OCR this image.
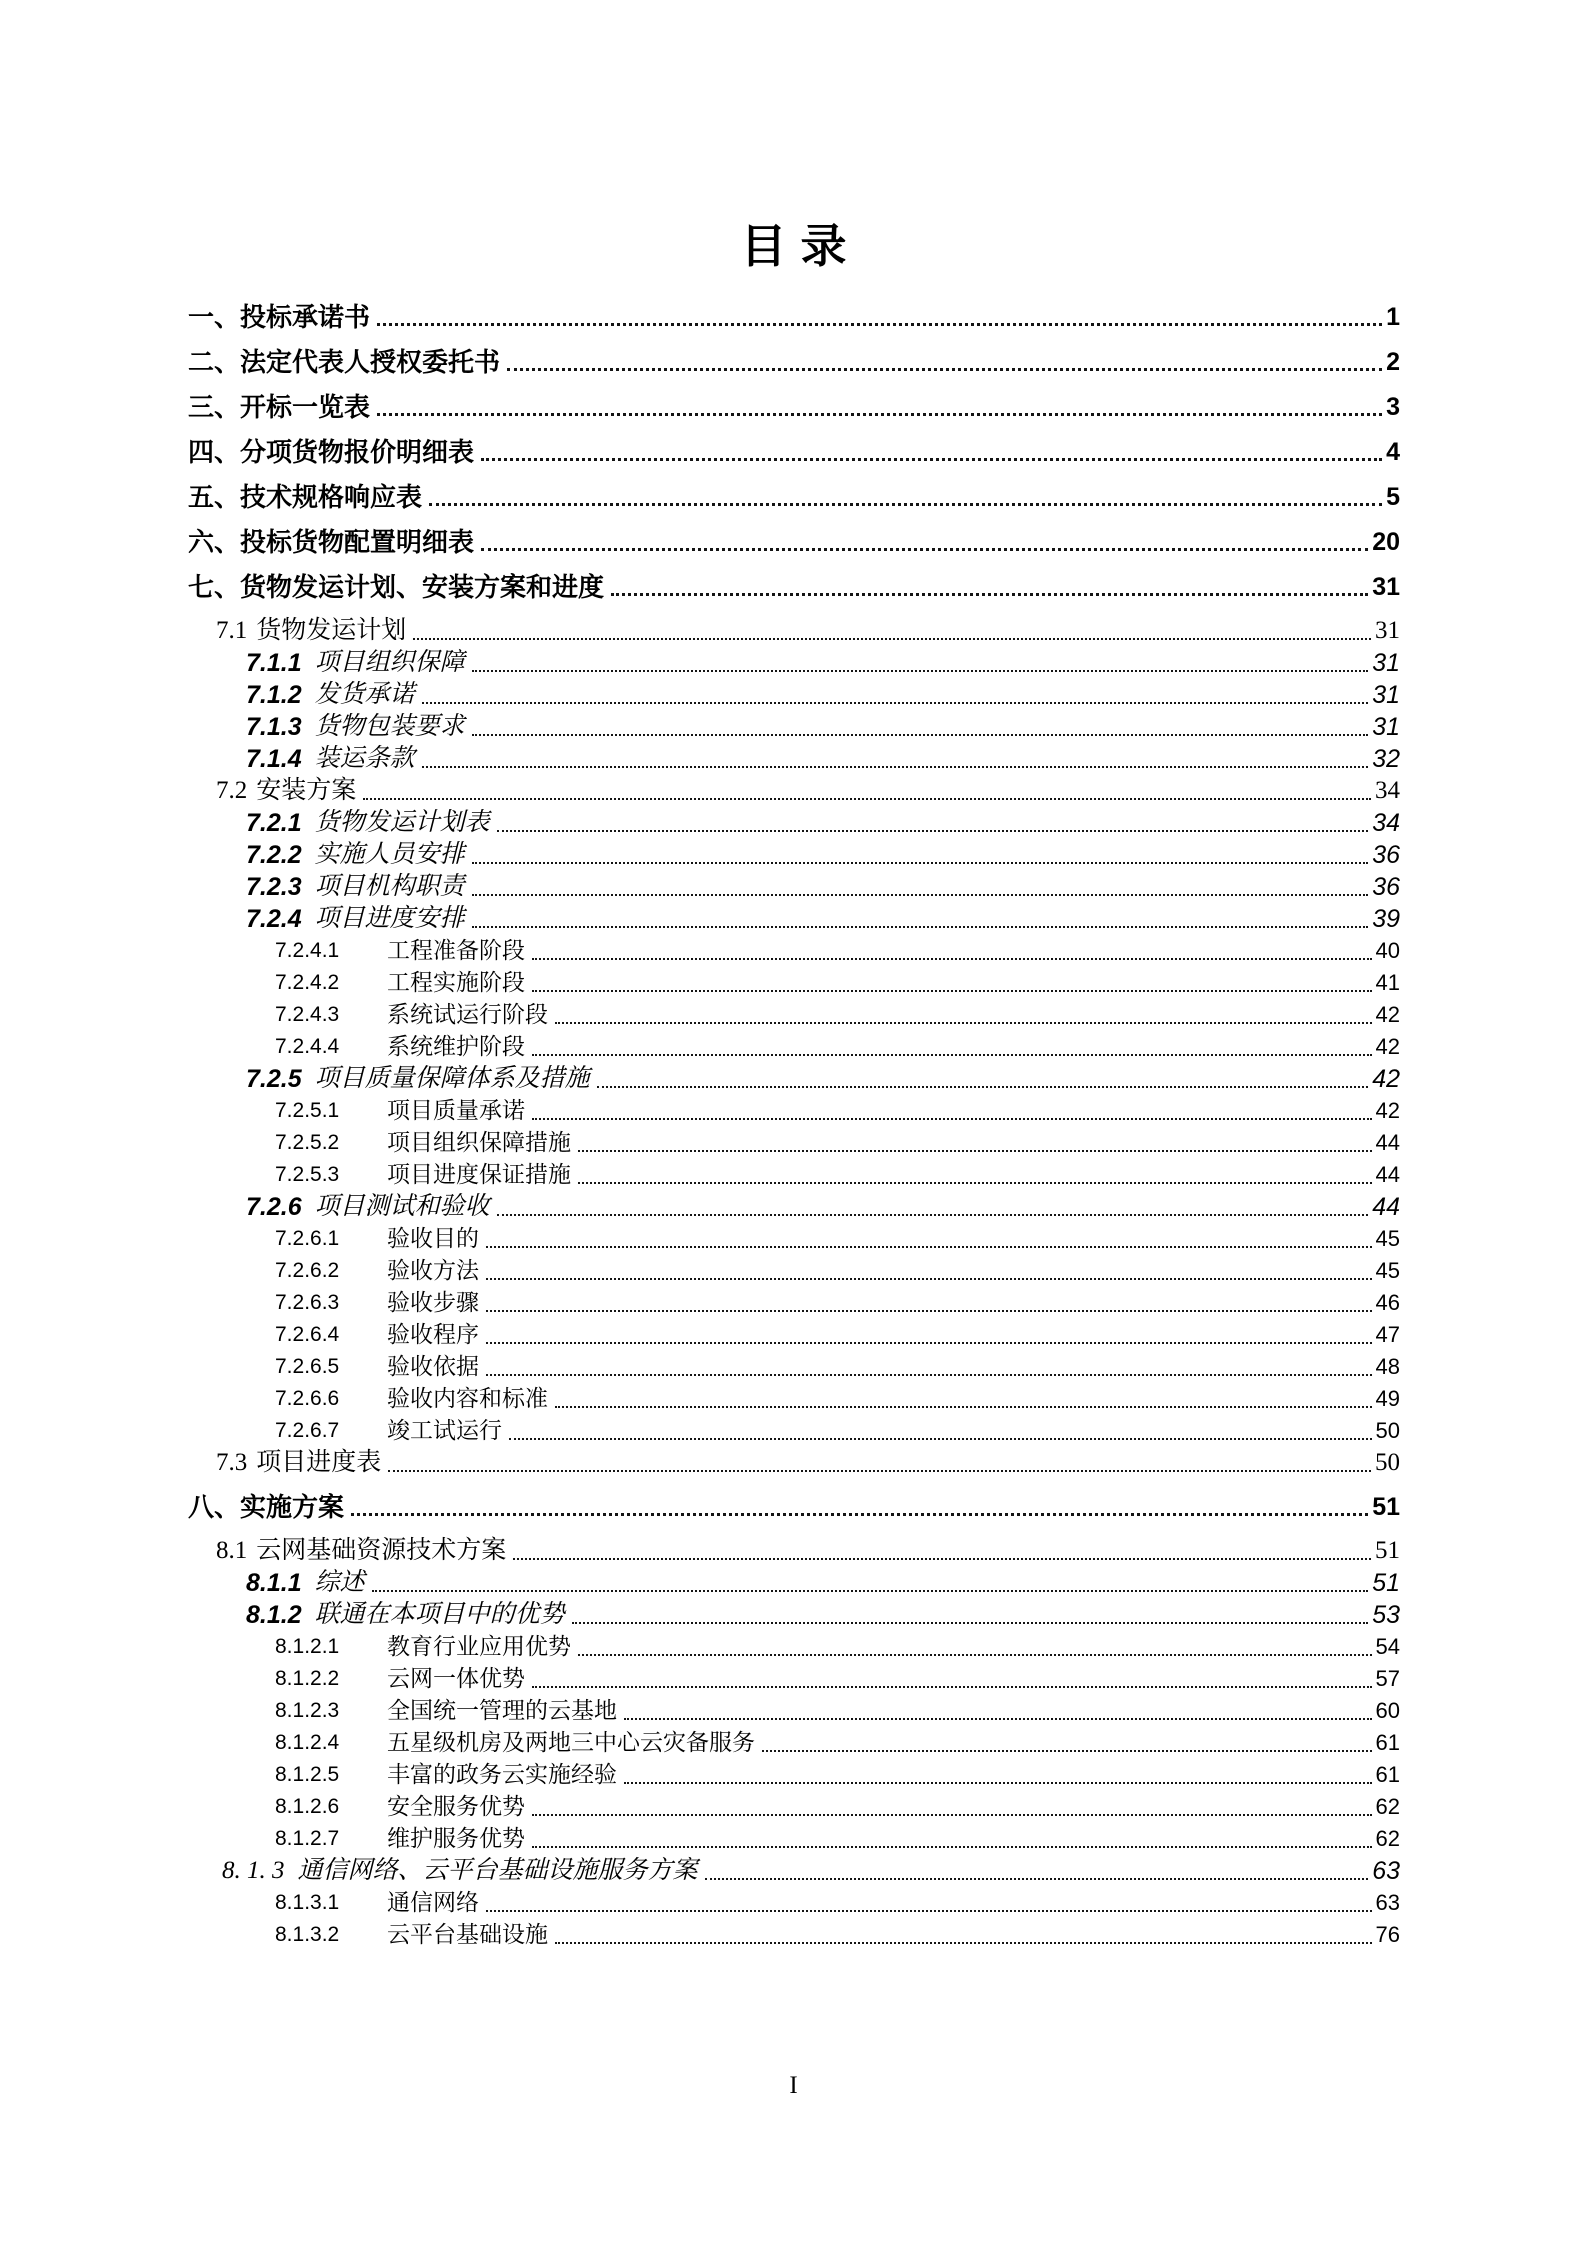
目录
一、 投标承诺书	1
二、 法定代表人授权委托书	2
三、 开标一览表	3
四、 分项货物报价明细表	4
五、 技术规格响应表	5
六、 投标货物配置明细表	20
七、 货物发运计划、安装方案和进度	31
7.1 货物发运计划	31
7.1.1 项目组织保障	31
7.1.2 发货承诺	31
7.1.3 货物包装要求	31
7.1.4 装运条款	32
7.2 安装方案	34
7.2.1 货物发运计划表	34
7.2.2 实施人员安排	36
7.2.3 项目机构职责	36
7.2.4 项目进度安排	39
7.2.4.1	工程准备阶段	40
7.2.4.2	工程实施阶段	41
7.2.4.3	系统试运行阶段	42
7.2.4.4	系统维护阶段	42
7.2.5 项目质量保障体系及措施	42
7.2.5.1	项目质量承诺	42
7.2.5.2	项目组织保障措施	44
7.2.5.3	项目进度保证措施	44
7.2.6 项目测试和验收	44
7.2.6.1	验收目的	45
7.2.6.2	验收方法	45
7.2.6.3	验收步骤	46
7.2.6.4	验收程序	47
7.2.6.5	验收依据	48
7.2.6.6	验收内容和标准	49
7.2.6.7	竣工试运行	50
7.3 项目进度表	50
八、 实施方案	51
8.1 云网基础资源技术方案	51
8.1.1 综述	51
8.1.2 联通在本项目中的优势	53
8.1.2.1	教育行业应用优势	54
8.1.2.2	云网一体优势	57
8.1.2.3	全国统一管理的云基地	60
8.1.2.4	五星级机房及两地三中心云灾备服务	61
8.1.2.5	丰富的政务云实施经验	61
8.1.2.6	安全服务优势	62
8.1.2.7	维护服务优势	62
8. 1. 3 通信网络、云平台基础设施服务方案	63
8.1.3.1	通信网络	63
8.1.3.2	云平台基础设施	76
I
